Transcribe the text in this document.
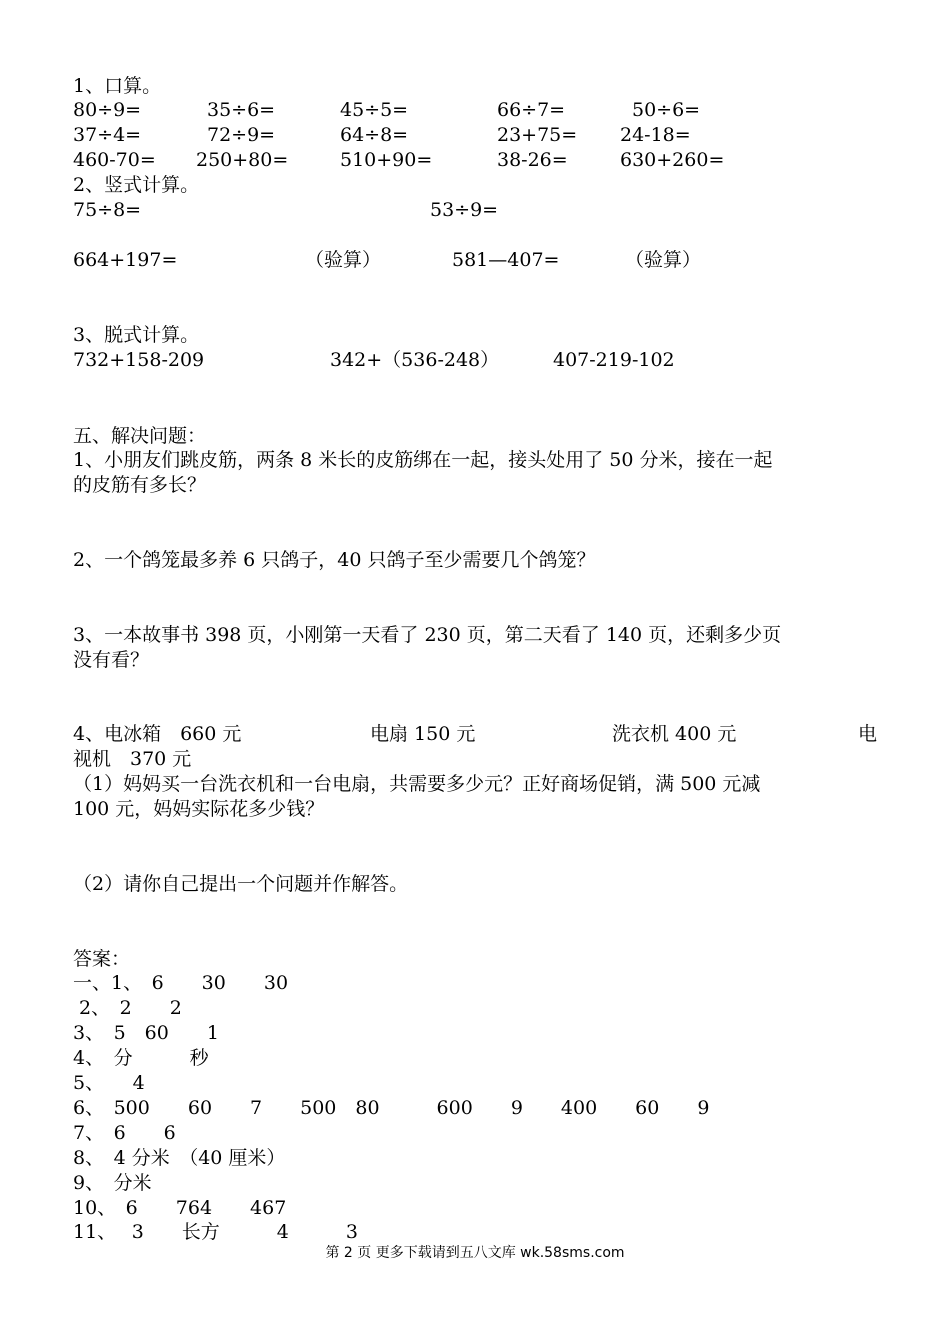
1、口算。
80÷9=	35÷6=	45÷5=	66÷7=	50÷6=
37÷4=	72÷9=	64÷8=	23+75= 24-18=
460-70= 250+80=	510+90=	38-26=	630+260=
2、竖式计算。
75÷8=	53÷9=
664+197=	（验算）	581—407=	（验算）
3、脱式计算。
732+158-209	342+（536-248）	407-219-102
五、解决问题：
1、小朋友们跳皮筋，两条 8 米长的皮筋绑在一起，接头处用了 50 分米，接在一起
的皮筋有多长？
2、一个鸽笼最多养 6 只鸽子，40 只鸽子至少需要几个鸽笼？
3、一本故事书 398 页，小刚第一天看了 230 页，第二天看了 140 页，还剩多少页
没有看？
4、电冰箱　660 元	电扇 150 元	洗衣机 400 元	电
视机　370 元
（1）妈妈买一台洗衣机和一台电扇，共需要多少元？正好商场促销，满 500 元减
100 元，妈妈实际花多少钱？
（2）请你自己提出一个问题并作解答。
答案：
一、1、　6　　30　　30
2、　2　　2
3、　5　60　　1
4、　分　　　秒
5、　　4
6、　500　　60　　7　　500　80　　　600　　9　　400　　60　　9
7、　6　　6
8、　4 分米　（40 厘米）
9、　分米
10、　6　　764　　467
11、　 3　　长方　　　4　　　3
第 2 页 更多下载请到五八文库 wk.58sms.com
